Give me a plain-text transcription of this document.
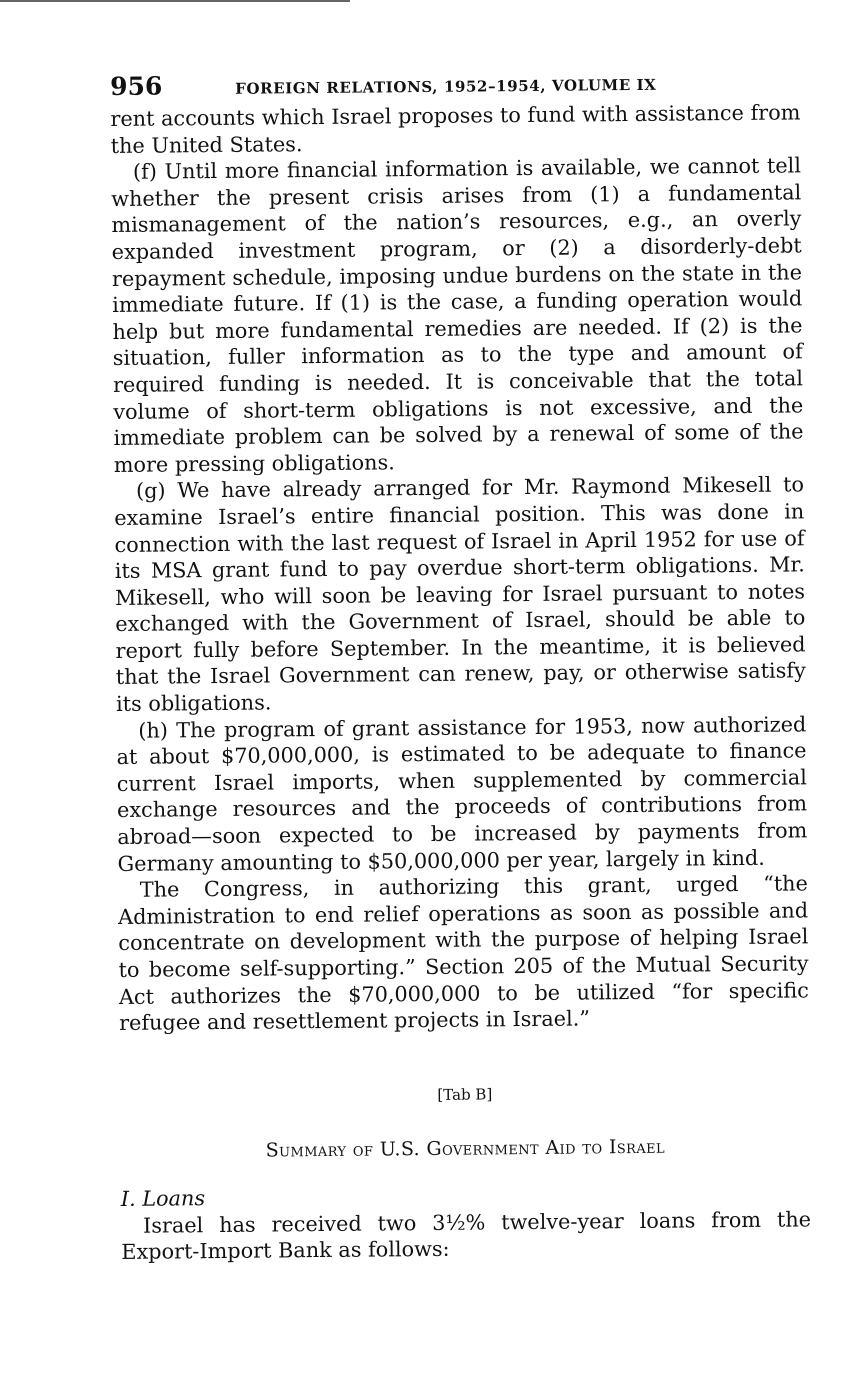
956	FOREIGN RELATIONS, 1952–1954, VOLUME IX

rent accounts which Israel proposes to fund with assistance from the United States.

(f) Until more financial information is available, we cannot tell whether the present crisis arises from (1) a fundamental mismanagement of the nation’s resources, e.g., an overly expanded investment program, or (2) a disorderly-debt repayment schedule, imposing undue burdens on the state in the immediate future. If (1) is the case, a funding operation would help but more fundamental remedies are needed. If (2) is the situation, fuller information as to the type and amount of required funding is needed. It is conceivable that the total volume of short-term obligations is not excessive, and the immediate problem can be solved by a renewal of some of the more pressing obligations.

(g) We have already arranged for Mr. Raymond Mikesell to examine Israel’s entire financial position. This was done in connection with the last request of Israel in April 1952 for use of its MSA grant fund to pay overdue short-term obligations. Mr. Mikesell, who will soon be leaving for Israel pursuant to notes exchanged with the Government of Israel, should be able to report fully before September. In the meantime, it is believed that the Israel Government can renew, pay, or otherwise satisfy its obligations.

(h) The program of grant assistance for 1953, now authorized at about $70,000,000, is estimated to be adequate to finance current Israel imports, when supplemented by commercial exchange resources and the proceeds of contributions from abroad—soon expected to be increased by payments from Germany amounting to $50,000,000 per year, largely in kind.

The Congress, in authorizing this grant, urged “the Administration to end relief operations as soon as possible and concentrate on development with the purpose of helping Israel to become self-supporting.” Section 205 of the Mutual Security Act authorizes the $70,000,000 to be utilized “for specific refugee and resettlement projects in Israel.”

[Tab B]
Summary of U.S. Government Aid to Israel
I. Loans

Israel has received two 3½% twelve-year loans from the Export-Import Bank as follows:
